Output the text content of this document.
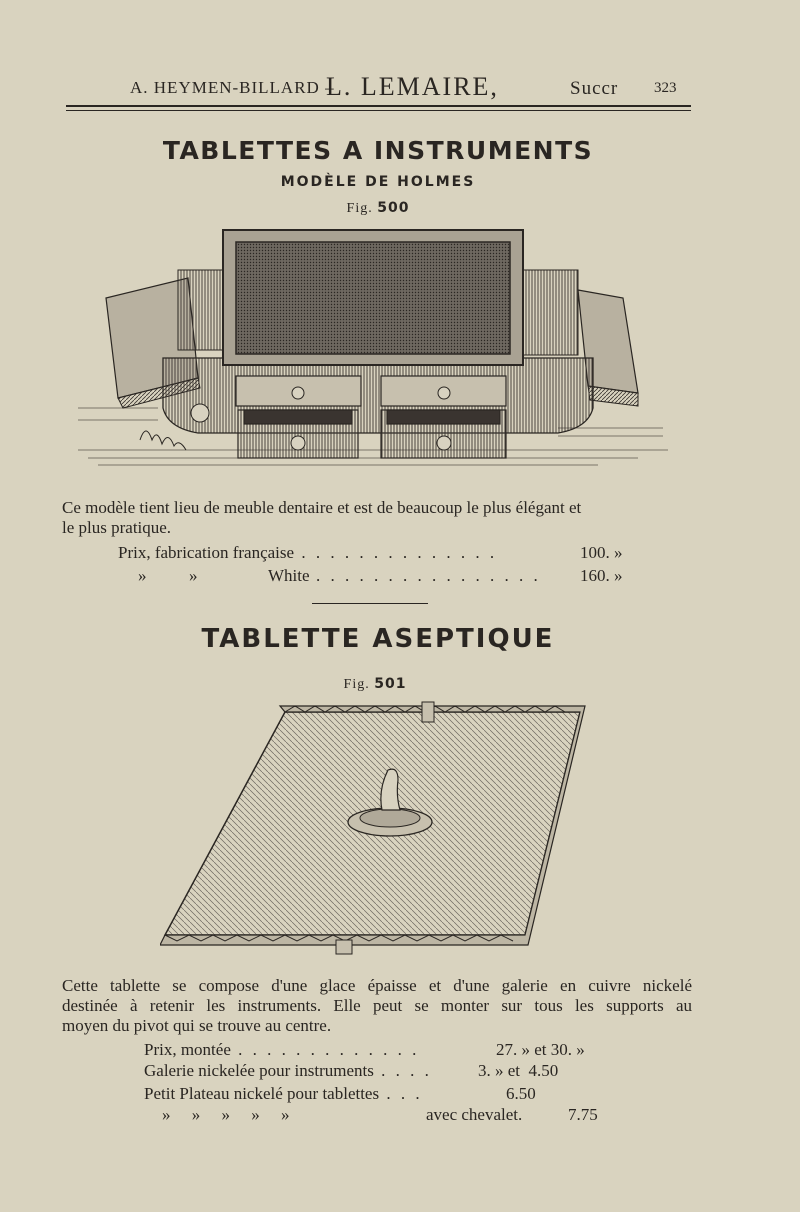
A. HEYMEN-BILLARD –
L. LEMAIRE,	Succr 323
TABLETTES A INSTRUMENTS
MODÈLE DE HOLMES
Fig. 500
Ce modèle tient lieu de meuble dentaire et est de beaucoup le plus élégant et
le plus pratique.
Prix, fabrication française . . . . . . . . . . . . . .	100. »
»          »	White . . . . . . . . . . . . . . . . 160. »
TABLETTE ASEPTIQUE
Fig. 501
Cette tablette se compose d'une glace épaisse et d'une galerie en cuivre nickelé
destinée à retenir les instruments. Elle peut se monter sur tous les supports au
moyen du pivot qui se trouve au centre.
Prix, montée . . . . . . . . . . . . .	27. » et 30. »
Galerie nickelée pour instruments . . . .	3. » et  4.50
Petit Plateau nickelé pour tablettes . . .	6.50
»     »     »     »     »	avec chevalet.	7.75
